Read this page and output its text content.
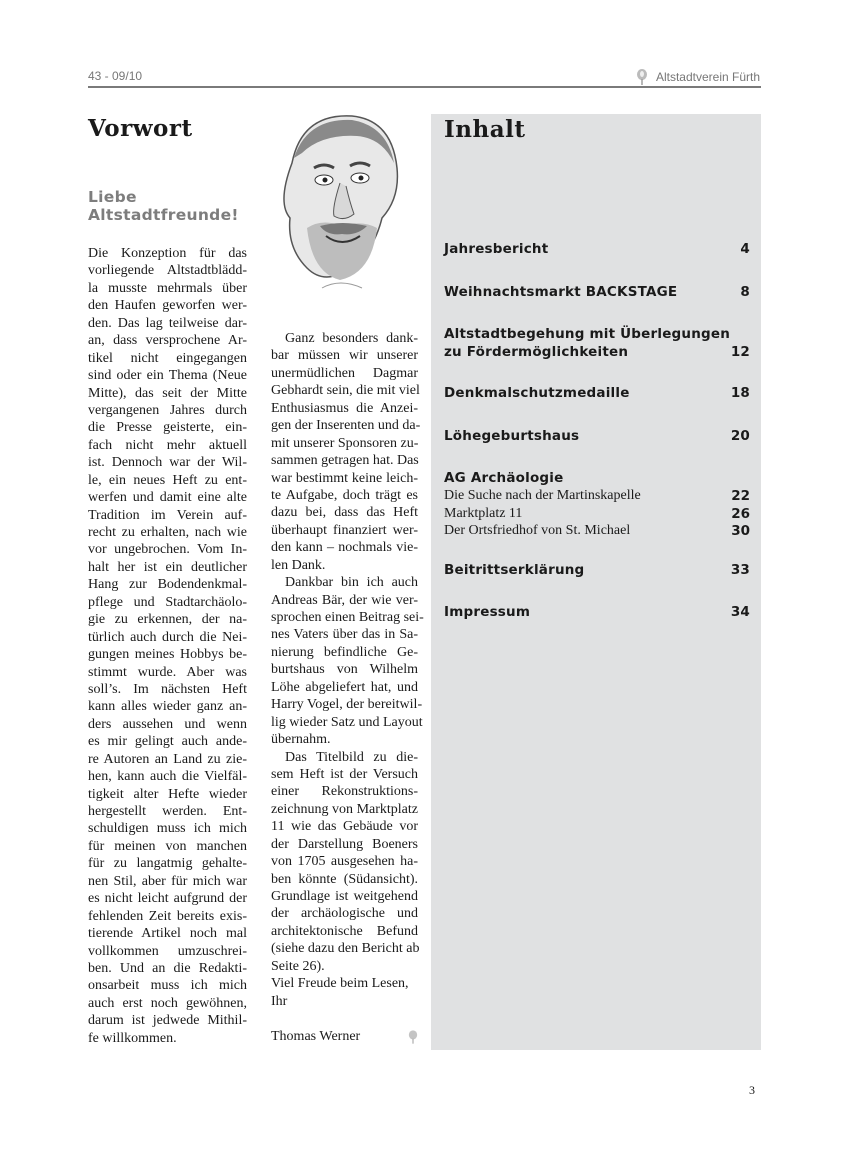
43 - 09/10	Altstadtverein Fürth
Vorwort
Liebe
Altstadtfreunde!
Die Konzeption für das
vorliegende Altstadtblädd-
la musste mehrmals über
den Haufen geworfen wer-
den. Das lag teilweise dar-
an, dass versprochene Ar-
tikel nicht eingegangen
sind oder ein Thema (Neue
Mitte), das seit der Mitte
vergangenen Jahres durch
die Presse geisterte, ein-
fach nicht mehr aktuell
ist. Dennoch war der Wil-
le, ein neues Heft zu ent-
werfen und damit eine alte
Tradition im Verein auf-
recht zu erhalten, nach wie
vor ungebrochen. Vom In-
halt her ist ein deutlicher
Hang zur Bodendenkmal-
pflege und Stadtarchäolo-
gie zu erkennen, der na-
türlich auch durch die Nei-
gungen meines Hobbys be-
stimmt wurde. Aber was
soll’s. Im nächsten Heft
kann alles wieder ganz an-
ders aussehen und wenn
es mir gelingt auch ande-
re Autoren an Land zu zie-
hen, kann auch die Vielfäl-
tigkeit alter Hefte wieder
hergestellt werden. Ent-
schuldigen muss ich mich
für meinen von manchen
für zu langatmig gehalte-
nen Stil, aber für mich war
es nicht leicht aufgrund der
fehlenden Zeit bereits exis-
tierende Artikel noch mal
vollkommen umzuschrei-
ben. Und an die Redakti-
onsarbeit muss ich mich
auch erst noch gewöhnen,
darum ist jedwede Mithil-
fe willkommen.
Ganz besonders dank-
bar müssen wir unserer
unermüdlichen Dagmar
Gebhardt sein, die mit viel
Enthusiasmus die Anzei-
gen der Inserenten und da-
mit unserer Sponsoren zu-
sammen getragen hat. Das
war bestimmt keine leich-
te Aufgabe, doch trägt es
dazu bei, dass das Heft
überhaupt finanziert wer-
den kann – nochmals vie-
len Dank.
Dankbar bin ich auch
Andreas Bär, der wie ver-
sprochen einen Beitrag sei-
nes Vaters über das in Sa-
nierung befindliche Ge-
burtshaus von Wilhelm
Löhe abgeliefert hat, und
Harry Vogel, der bereitwil-
lig wieder Satz und Layout
übernahm.
Das Titelbild zu die-
sem Heft ist der Versuch
einer Rekonstruktions-
zeichnung von Marktplatz
11 wie das Gebäude vor
der Darstellung Boeners
von 1705 ausgesehen ha-
ben könnte (Südansicht).
Grundlage ist weitgehend
der archäologische und
architektonische Befund
(siehe dazu den Bericht ab
Seite 26).
Viel Freude beim Lesen,
Ihr
Thomas Werner
Inhalt
Jahresbericht	4
Weihnachtsmarkt BACKSTAGE	8
Altstadtbegehung mit Überlegungen
zu Fördermöglichkeiten	12
Denkmalschutzmedaille	18
Löhegeburtshaus	20
AG Archäologie
Die Suche nach der Martinskapelle	22
Marktplatz 11	26
Der Ortsfriedhof von St. Michael	30
Beitrittserklärung	33
Impressum	34
3
